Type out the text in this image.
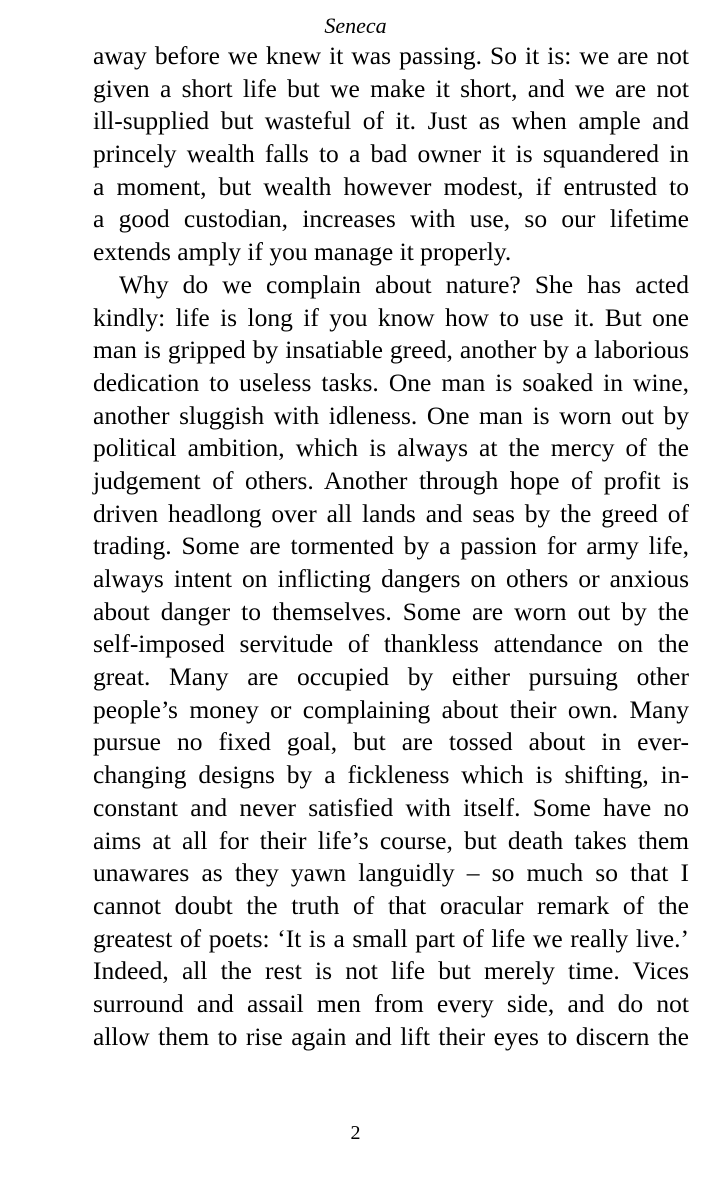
Seneca
away before we knew it was passing. So it is: we are not
given a short life but we make it short, and we are not
ill-supplied but wasteful of it. Just as when ample and
princely wealth falls to a bad owner it is squandered in
a moment, but wealth however modest, if entrusted to
a good custodian, increases with use, so our lifetime
extends amply if you manage it properly.
Why do we complain about nature? She has acted
kindly: life is long if you know how to use it. But one
man is gripped by insatiable greed, another by a laborious
dedication to useless tasks. One man is soaked in wine,
another sluggish with idleness. One man is worn out by
political ambition, which is always at the mercy of the
judgement of others. Another through hope of profit is
driven headlong over all lands and seas by the greed of
trading. Some are tormented by a passion for army life,
always intent on inflicting dangers on others or anxious
about danger to themselves. Some are worn out by the
self-imposed servitude of thankless attendance on the
great. Many are occupied by either pursuing other
people’s money or complaining about their own. Many
pursue no fixed goal, but are tossed about in ever-
changing designs by a fickleness which is shifting, in-
constant and never satisfied with itself. Some have no
aims at all for their life’s course, but death takes them
unawares as they yawn languidly – so much so that I
cannot doubt the truth of that oracular remark of the
greatest of poets: ‘It is a small part of life we really live.’
Indeed, all the rest is not life but merely time. Vices
surround and assail men from every side, and do not
allow them to rise again and lift their eyes to discern the
2
